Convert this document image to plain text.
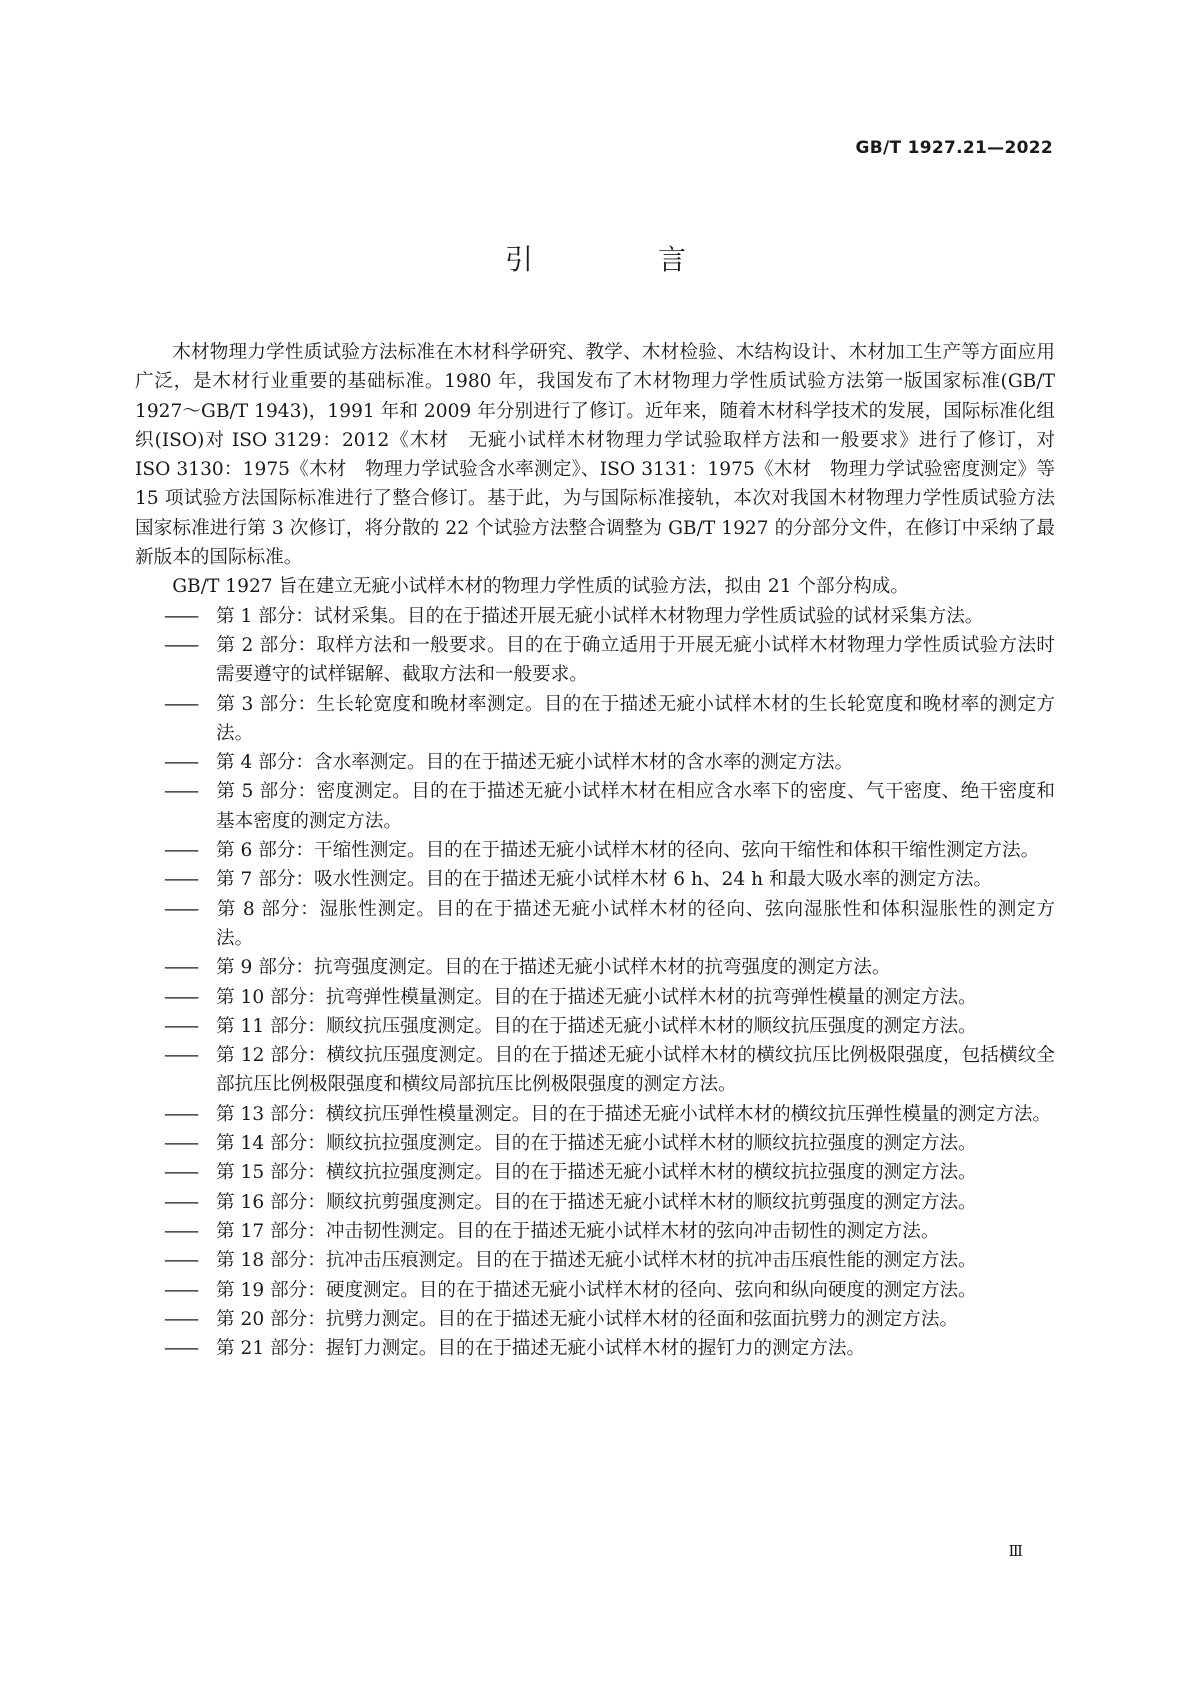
GB/T 1927.21—2022
引 言

木材物理力学性质试验方法标准在木材科学研究、教学、木材检验、木结构设计、木材加工生产等方面应用广泛，是木材行业重要的基础标准。1980 年，我国发布了木材物理力学性质试验方法第一版国家标准(GB/T 1927～GB/T 1943)，1991 年和 2009 年分别进行了修订。近年来，随着木材科学技术的发展，国际标准化组织(ISO)对 ISO 3129：2012《木材　无疵小试样木材物理力学试验取样方法和一般要求》进行了修订，对 ISO 3130：1975《木材　物理力学试验含水率测定》、ISO 3131：1975《木材　物理力学试验密度测定》等 15 项试验方法国际标准进行了整合修订。基于此，为与国际标准接轨，本次对我国木材物理力学性质试验方法国家标准进行第 3 次修订，将分散的 22 个试验方法整合调整为 GB/T 1927 的分部分文件，在修订中采纳了最新版本的国际标准。

GB/T 1927 旨在建立无疵小试样木材的物理力学性质的试验方法，拟由 21 个部分构成。

—— 第 1 部分：试材采集。目的在于描述开展无疵小试样木材物理力学性质试验的试材采集方法。
—— 第 2 部分：取样方法和一般要求。目的在于确立适用于开展无疵小试样木材物理力学性质试验方法时需要遵守的试样锯解、截取方法和一般要求。
—— 第 3 部分：生长轮宽度和晚材率测定。目的在于描述无疵小试样木材的生长轮宽度和晚材率的测定方法。
—— 第 4 部分：含水率测定。目的在于描述无疵小试样木材的含水率的测定方法。
—— 第 5 部分：密度测定。目的在于描述无疵小试样木材在相应含水率下的密度、气干密度、绝干密度和基本密度的测定方法。
—— 第 6 部分：干缩性测定。目的在于描述无疵小试样木材的径向、弦向干缩性和体积干缩性测定方法。
—— 第 7 部分：吸水性测定。目的在于描述无疵小试样木材 6 h、24 h 和最大吸水率的测定方法。
—— 第 8 部分：湿胀性测定。目的在于描述无疵小试样木材的径向、弦向湿胀性和体积湿胀性的测定方法。
—— 第 9 部分：抗弯强度测定。目的在于描述无疵小试样木材的抗弯强度的测定方法。
—— 第 10 部分：抗弯弹性模量测定。目的在于描述无疵小试样木材的抗弯弹性模量的测定方法。
—— 第 11 部分：顺纹抗压强度测定。目的在于描述无疵小试样木材的顺纹抗压强度的测定方法。
—— 第 12 部分：横纹抗压强度测定。目的在于描述无疵小试样木材的横纹抗压比例极限强度，包括横纹全部抗压比例极限强度和横纹局部抗压比例极限强度的测定方法。
—— 第 13 部分：横纹抗压弹性模量测定。目的在于描述无疵小试样木材的横纹抗压弹性模量的测定方法。
—— 第 14 部分：顺纹抗拉强度测定。目的在于描述无疵小试样木材的顺纹抗拉强度的测定方法。
—— 第 15 部分：横纹抗拉强度测定。目的在于描述无疵小试样木材的横纹抗拉强度的测定方法。
—— 第 16 部分：顺纹抗剪强度测定。目的在于描述无疵小试样木材的顺纹抗剪强度的测定方法。
—— 第 17 部分：冲击韧性测定。目的在于描述无疵小试样木材的弦向冲击韧性的测定方法。
—— 第 18 部分：抗冲击压痕测定。目的在于描述无疵小试样木材的抗冲击压痕性能的测定方法。
—— 第 19 部分：硬度测定。目的在于描述无疵小试样木材的径向、弦向和纵向硬度的测定方法。
—— 第 20 部分：抗劈力测定。目的在于描述无疵小试样木材的径面和弦面抗劈力的测定方法。
—— 第 21 部分：握钉力测定。目的在于描述无疵小试样木材的握钉力的测定方法。
Ⅲ
